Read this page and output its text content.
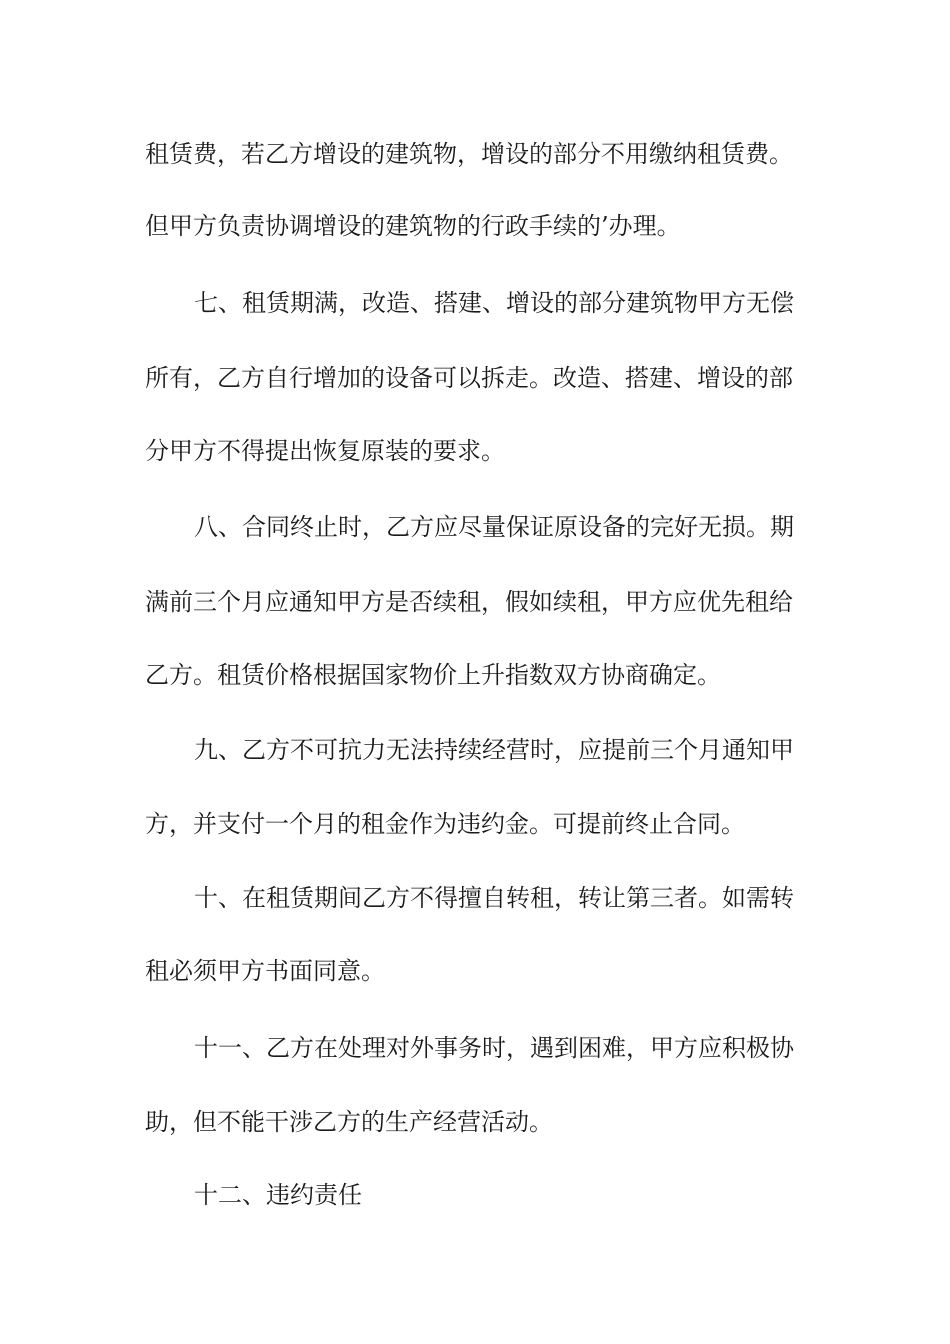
租赁费，若乙方增设的建筑物，增设的部分不用缴纳租赁费。
但甲方负责协调增设的建筑物的行政手续的’办理。
七、租赁期满，改造、搭建、增设的部分建筑物甲方无偿
所有，乙方自行增加的设备可以拆走。改造、搭建、增设的部
分甲方不得提出恢复原装的要求。
八、合同终止时，乙方应尽量保证原设备的完好无损。期
满前三个月应通知甲方是否续租，假如续租，甲方应优先租给
乙方。租赁价格根据国家物价上升指数双方协商确定。
九、乙方不可抗力无法持续经营时，应提前三个月通知甲
方，并支付一个月的租金作为违约金。可提前终止合同。
十、在租赁期间乙方不得擅自转租，转让第三者。如需转
租必须甲方书面同意。
十一、乙方在处理对外事务时，遇到困难，甲方应积极协
助，但不能干涉乙方的生产经营活动。
十二、违约责任
